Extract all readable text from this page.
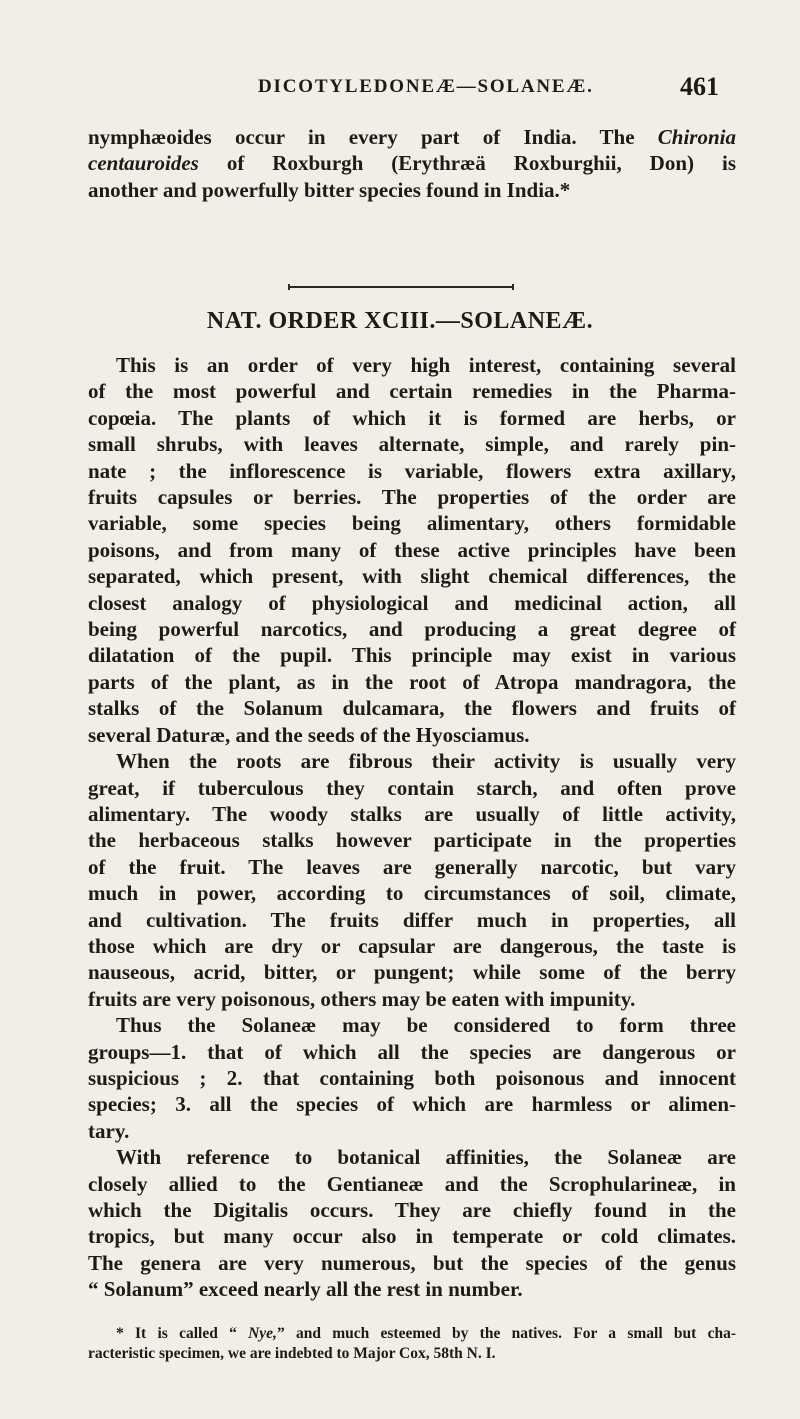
DICOTYLEDONEÆ—SOLANEÆ.	461
nymphæoides occur in every part of India. The Chironia
centauroides of Roxburgh (Erythræä Roxburghii, Don) is
another and powerfully bitter species found in India.*
NAT. ORDER XCIII.—SOLANEÆ.
This is an order of very high interest, containing several
of the most powerful and certain remedies in the Pharma-
copœia. The plants of which it is formed are herbs, or
small shrubs, with leaves alternate, simple, and rarely pin-
nate ; the inflorescence is variable, flowers extra axillary,
fruits capsules or berries. The properties of the order are
variable, some species being alimentary, others formidable
poisons, and from many of these active principles have been
separated, which present, with slight chemical differences, the
closest analogy of physiological and medicinal action, all
being powerful narcotics, and producing a great degree of
dilatation of the pupil. This principle may exist in various
parts of the plant, as in the root of Atropa mandragora, the
stalks of the Solanum dulcamara, the flowers and fruits of
several Daturæ, and the seeds of the Hyosciamus.
When the roots are fibrous their activity is usually very
great, if tuberculous they contain starch, and often prove
alimentary. The woody stalks are usually of little activity,
the herbaceous stalks however participate in the properties
of the fruit. The leaves are generally narcotic, but vary
much in power, according to circumstances of soil, climate,
and cultivation. The fruits differ much in properties, all
those which are dry or capsular are dangerous, the taste is
nauseous, acrid, bitter, or pungent; while some of the berry
fruits are very poisonous, others may be eaten with impunity.
Thus the Solaneæ may be considered to form three
groups—1. that of which all the species are dangerous or
suspicious ; 2. that containing both poisonous and innocent
species; 3. all the species of which are harmless or alimen-
tary.
With reference to botanical affinities, the Solaneæ are
closely allied to the Gentianeæ and the Scrophularineæ, in
which the Digitalis occurs. They are chiefly found in the
tropics, but many occur also in temperate or cold climates.
The genera are very numerous, but the species of the genus
“ Solanum” exceed nearly all the rest in number.
* It is called “ Nye,” and much esteemed by the natives. For a small but cha-
racteristic specimen, we are indebted to Major Cox, 58th N. I.
